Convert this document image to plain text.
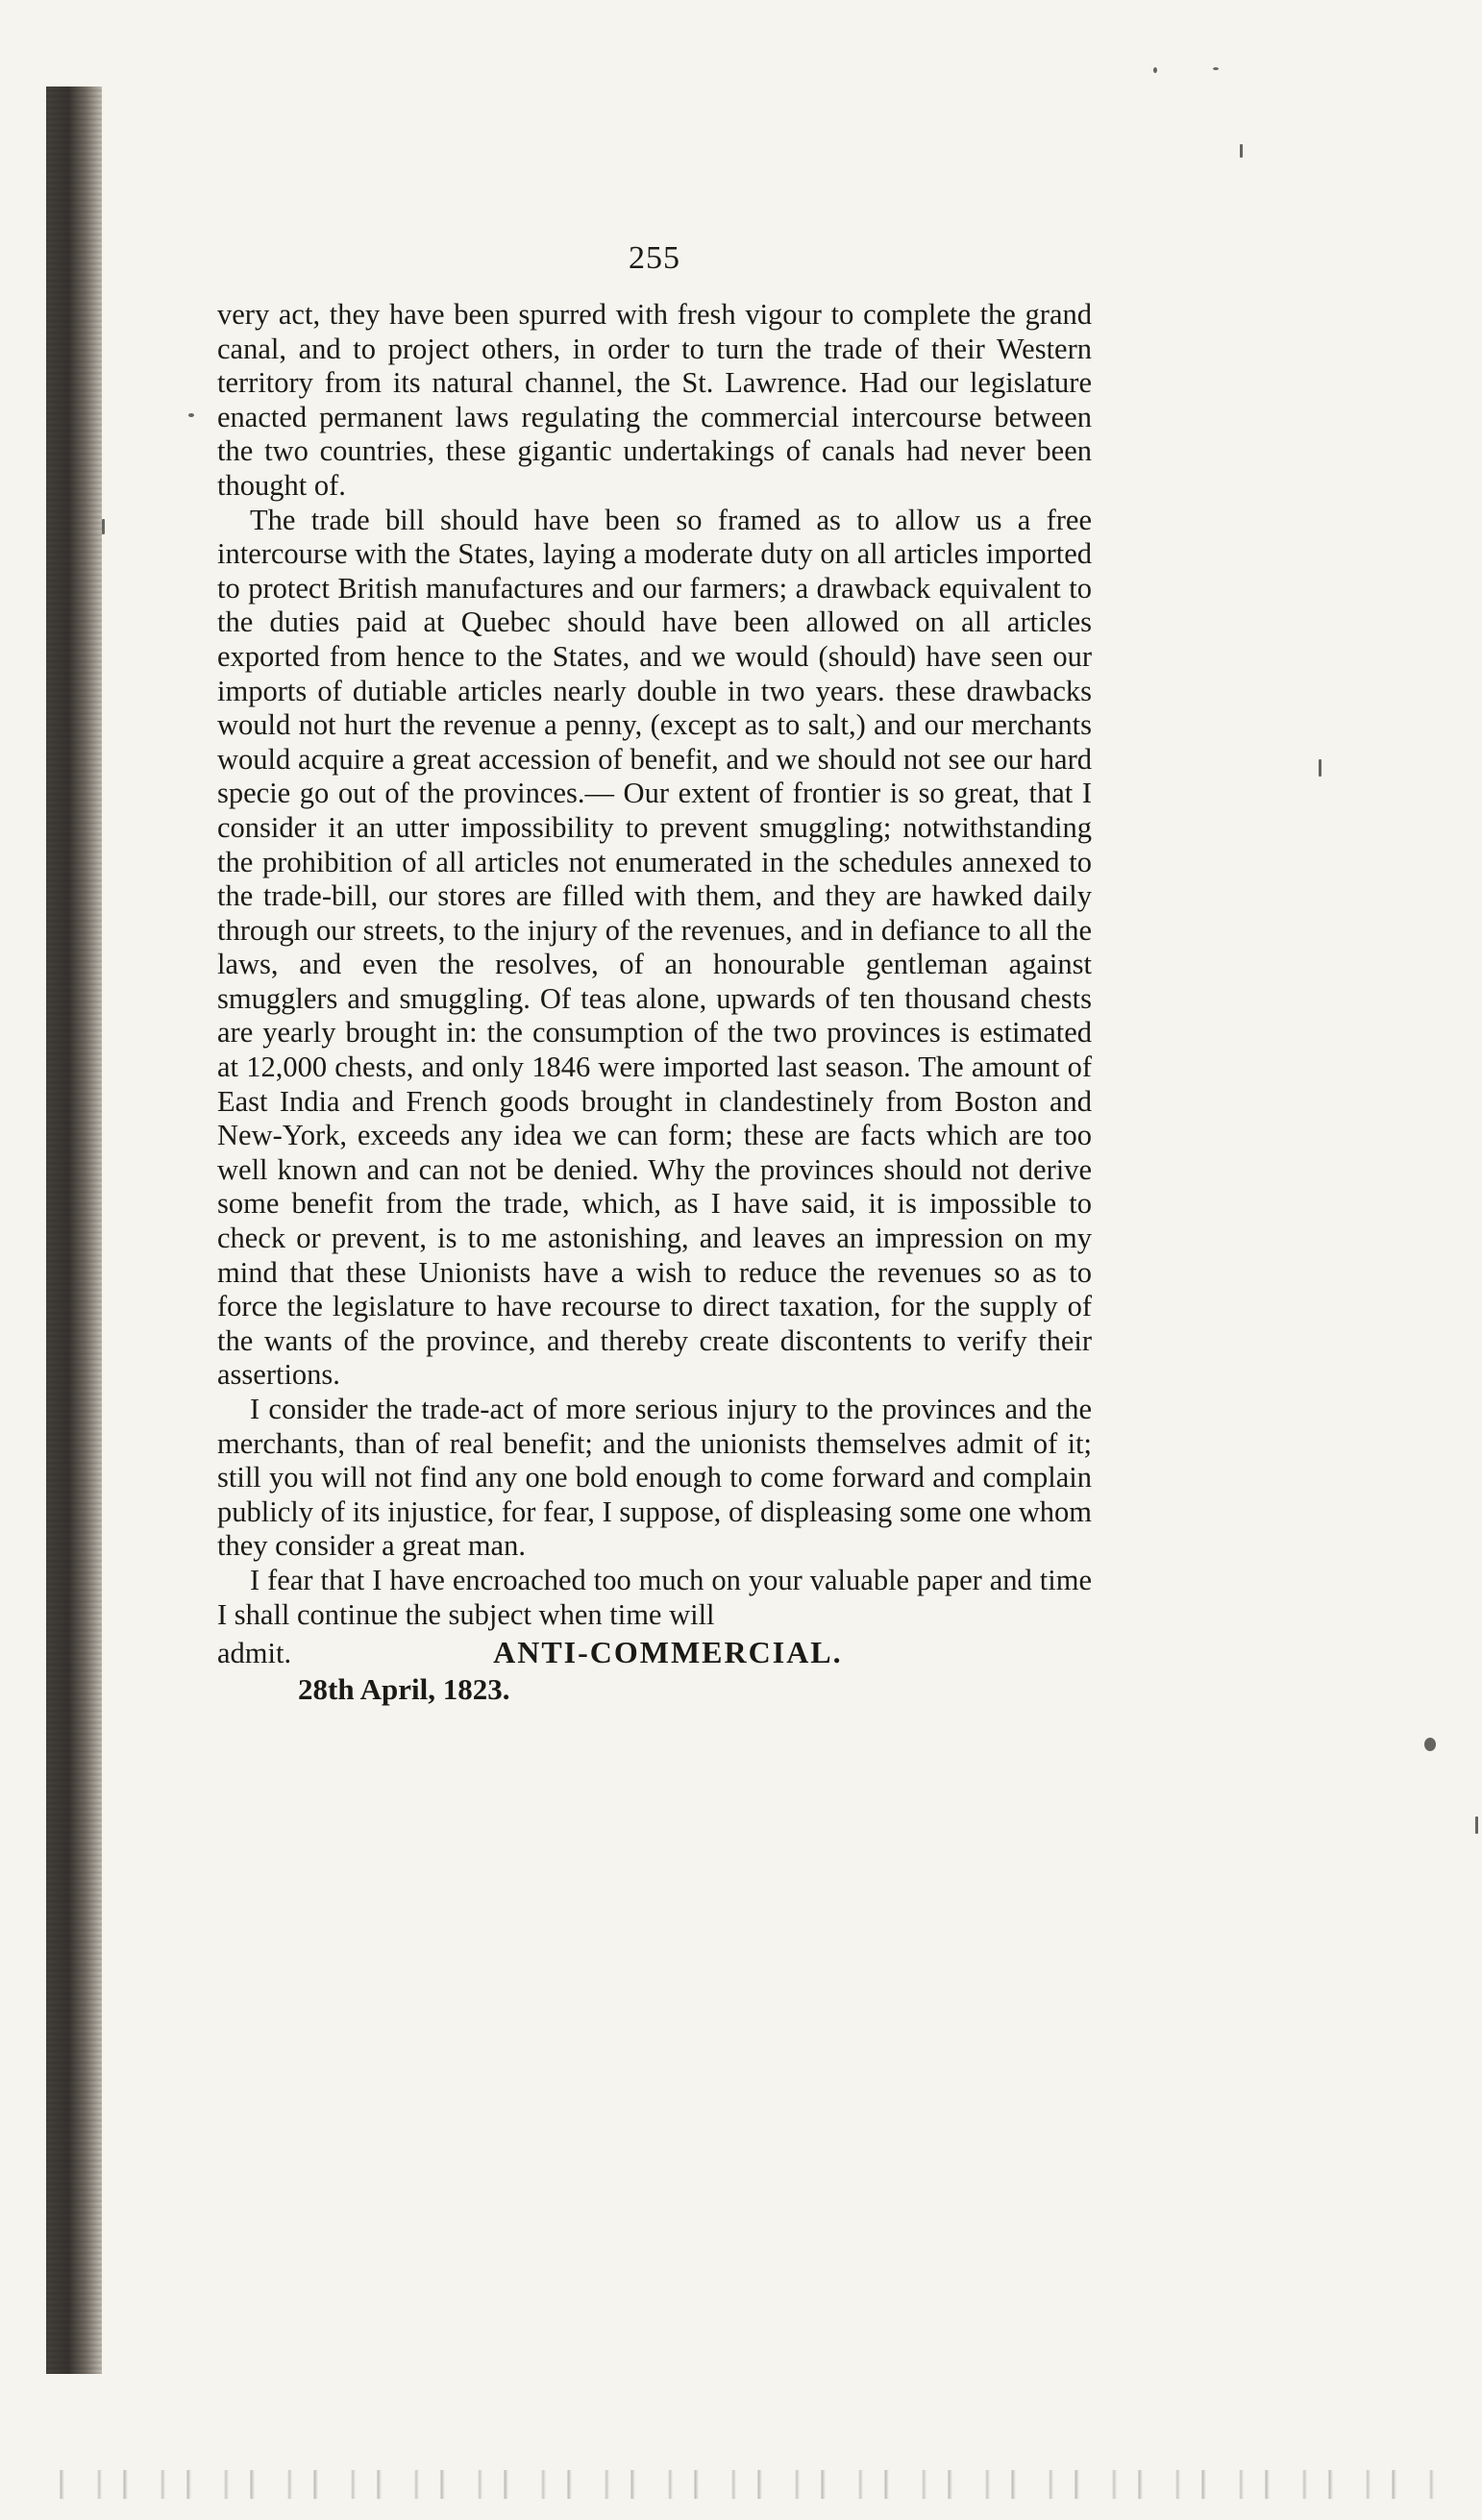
255

very act, they have been spurred with fresh vigour to complete the grand canal, and to project others, in order to turn the trade of their Western territory from its natural channel, the St. Lawrence. Had our legislature enacted permanent laws regulating the commercial intercourse between the two countries, these gigantic undertakings of canals had never been thought of.

The trade bill should have been so framed as to allow us a free intercourse with the States, laying a moderate duty on all articles imported to protect British manufactures and our farmers; a drawback equivalent to the duties paid at Quebec should have been allowed on all articles exported from hence to the States, and we would (should) have seen our imports of dutiable articles nearly double in two years. these drawbacks would not hurt the revenue a penny, (except as to salt,) and our merchants would acquire a great accession of benefit, and we should not see our hard specie go out of the provinces.— Our extent of frontier is so great, that I consider it an utter impossibility to prevent smuggling; notwithstanding the prohibition of all articles not enumerated in the schedules annexed to the trade-bill, our stores are filled with them, and they are hawked daily through our streets, to the injury of the revenues, and in defiance to all the laws, and even the resolves, of an honourable gentleman against smugglers and smuggling. Of teas alone, upwards of ten thousand chests are yearly brought in: the consumption of the two provinces is estimated at 12,000 chests, and only 1846 were imported last season. The amount of East India and French goods brought in clandestinely from Boston and New-York, exceeds any idea we can form; these are facts which are too well known and can not be denied. Why the provinces should not derive some benefit from the trade, which, as I have said, it is impossible to check or prevent, is to me astonishing, and leaves an impression on my mind that these Unionists have a wish to reduce the revenues so as to force the legislature to have recourse to direct taxation, for the supply of the wants of the province, and thereby create discontents to verify their assertions.

I consider the trade-act of more serious injury to the provinces and the merchants, than of real benefit; and the unionists themselves admit of it; still you will not find any one bold enough to come forward and complain publicly of its injustice, for fear, I suppose, of displeasing some one whom they consider a great man.

I fear that I have encroached too much on your valuable paper and time I shall continue the subject when time will

admit.	ANTI-COMMERCIAL.
28th April, 1823.
